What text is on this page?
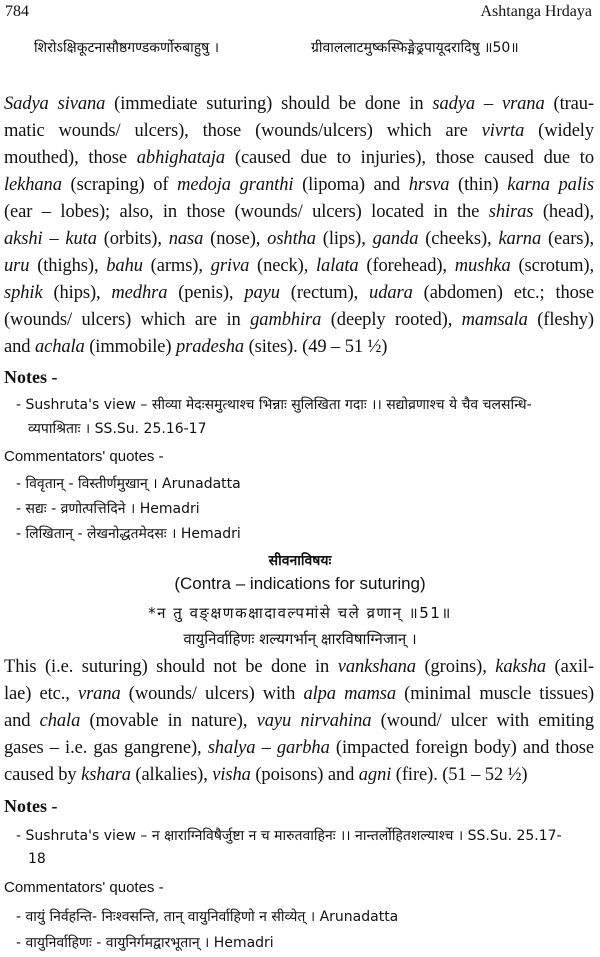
784	Ashtanga Hrdaya
शिरोऽक्षिकूटनासौष्ठगण्डकर्णोरुबाहुषु ।	ग्रीवाललाटमुष्कस्फिङ्मेढ्रपायूदरादिषु ॥50॥
Sadya sivana (immediate suturing) should be done in sadya – vrana (trau-
matic wounds/ ulcers), those (wounds/ulcers) which are vivrta (widely
mouthed), those abhighataja (caused due to injuries), those caused due to
lekhana (scraping) of medoja granthi (lipoma) and hrsva (thin) karna palis
(ear – lobes); also, in those (wounds/ ulcers) located in the shiras (head),
akshi – kuta (orbits), nasa (nose), oshtha (lips), ganda (cheeks), karna (ears),
uru (thighs), bahu (arms), griva (neck), lalata (forehead), mushka (scrotum),
sphik (hips), medhra (penis), payu (rectum), udara (abdomen) etc.; those
(wounds/ ulcers) which are in gambhira (deeply rooted), mamsala (fleshy)
and achala (immobile) pradesha (sites). (49 – 51 ½)
Notes -
- Sushruta's view – सीव्या मेदःसमुत्थाश्च भिन्नाः सुलिखिता गदाः ।। सद्योव्रणाश्च ये चैव चलसन्धि-
व्यपाश्रिताः । SS.Su. 25.16-17
Commentators' quotes -
- विवृतान् - विस्तीर्णमुखान् । Arunadatta
- सद्यः - व्रणोत्पत्तिदिने । Hemadri
- लिखितान् - लेखनोद्धतमेदसः । Hemadri
सीवनाविषयः
(Contra – indications for suturing)
*न तु वङ्क्षणकक्षादावल्पमांसे चले व्रणान् ॥51॥
वायुनिर्वाहिणः शल्यगर्भान् क्षारविषाग्निजान् ।
This (i.e. suturing) should not be done in vankshana (groins), kaksha (axil-
lae) etc., vrana (wounds/ ulcers) with alpa mamsa (minimal muscle tissues)
and chala (movable in nature), vayu nirvahina (wound/ ulcer with emiting
gases – i.e. gas gangrene), shalya – garbha (impacted foreign body) and those
caused by kshara (alkalies), visha (poisons) and agni (fire). (51 – 52 ½)
Notes -
- Sushruta's view – न क्षाराग्निविषैर्जुष्टा न च मारुतवाहिनः ।। नान्तर्लोहितशल्याश्च । SS.Su. 25.17-
18
Commentators' quotes -
- वायुं निर्वहन्ति- निःश्वसन्ति, तान् वायुनिर्वाहिणो न सीव्येत् । Arunadatta
- वायुनिर्वाहिणः - वायुनिर्गमद्वारभूतान् । Hemadri
